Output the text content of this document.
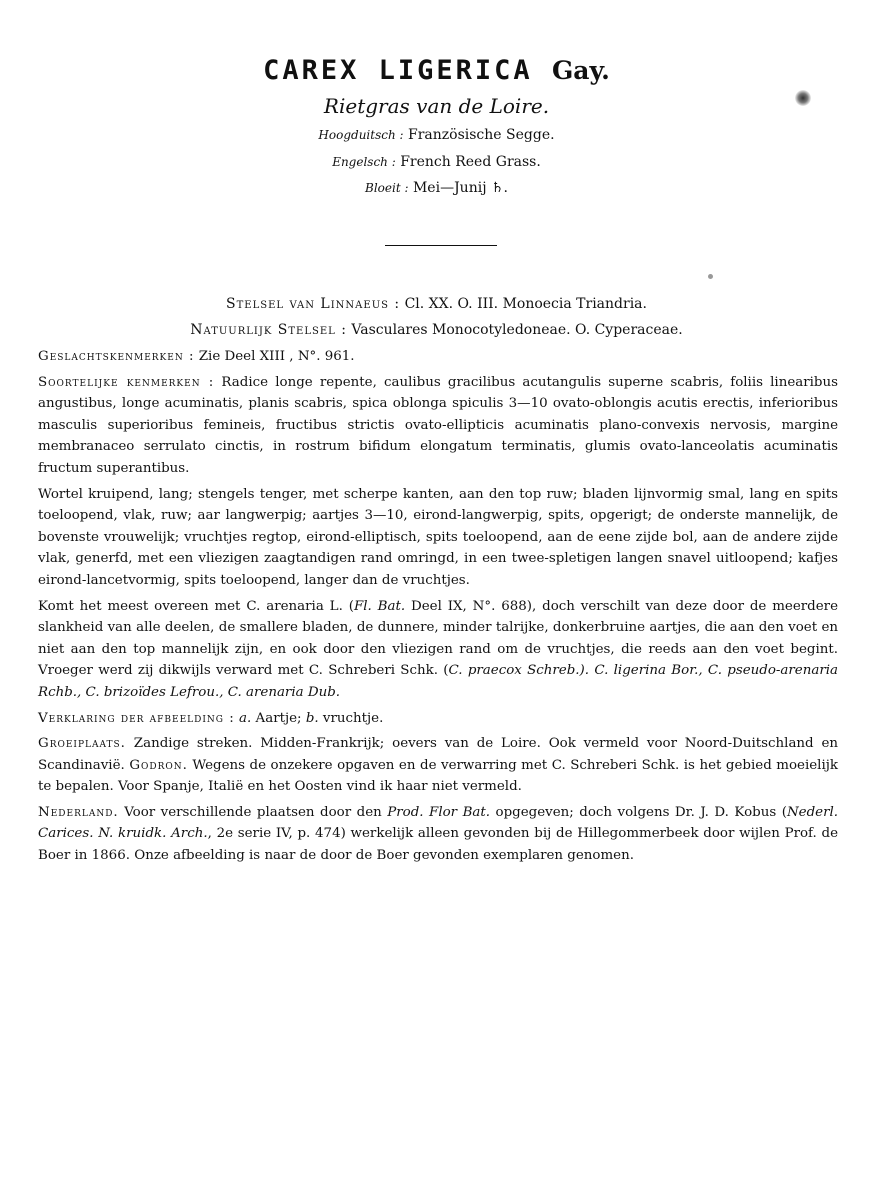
CAREX LIGERICA Gay.
Rietgras van de Loire.
Hoogduitsch : Französische Segge.
Engelsch : French Reed Grass.
Bloeit : Mei—Junij ♄.
Stelsel van Linnaeus : Cl. XX. O. III. Monoecia Triandria.
Natuurlijk Stelsel : Vasculares Monocotyledoneae. O. Cyperaceae.

Geslachtskenmerken : Zie Deel XIII , N°. 961.

Soortelijke kenmerken : Radice longe repente, caulibus gracilibus acutangulis superne scabris, foliis linearibus angustibus, longe acuminatis, planis scabris, spica oblonga spiculis 3—10 ovato-oblongis acutis erectis, inferioribus masculis superioribus femineis, fructibus strictis ovato-ellipticis acuminatis plano-convexis nervosis, margine membranaceo serrulato cinctis, in rostrum bifidum elongatum terminatis, glumis ovato-lanceolatis acuminatis fructum superantibus.

Wortel kruipend, lang; stengels tenger, met scherpe kanten, aan den top ruw; bladen lijnvormig smal, lang en spits toeloopend, vlak, ruw; aar langwerpig; aartjes 3—10, eirond-langwerpig, spits, opgerigt; de onderste mannelijk, de bovenste vrouwelijk; vruchtjes regtop, eirond-elliptisch, spits toeloopend, aan de eene zijde bol, aan de andere zijde vlak, generfd, met een vliezigen zaagtandigen rand omringd, in een twee-spletigen langen snavel uitloopend; kafjes eirond-lancetvormig, spits toeloopend, langer dan de vruchtjes.

Komt het meest overeen met C. arenaria L. (Fl. Bat. Deel IX, N°. 688), doch verschilt van deze door de meerdere slankheid van alle deelen, de smallere bladen, de dunnere, minder talrijke, donkerbruine aartjes, die aan den voet en niet aan den top mannelijk zijn, en ook door den vliezigen rand om de vruchtjes, die reeds aan den voet begint. Vroeger werd zij dikwijls verward met C. Schreberi Schk. (C. praecox Schreb.). C. ligerina Bor., C. pseudo-arenaria Rchb., C. brizoïdes Lefrou., C. arenaria Dub.

Verklaring der afbeelding : a. Aartje; b. vruchtje.

Groeiplaats. Zandige streken. Midden-Frankrijk; oevers van de Loire. Ook vermeld voor Noord-Duitschland en Scandinavië. Godron. Wegens de onzekere opgaven en de verwarring met C. Schreberi Schk. is het gebied moeielijk te bepalen. Voor Spanje, Italië en het Oosten vind ik haar niet vermeld.

Nederland. Voor verschillende plaatsen door den Prod. Flor Bat. opgegeven; doch volgens Dr. J. D. Kobus (Nederl. Carices. N. kruidk. Arch., 2e serie IV, p. 474) werkelijk alleen gevonden bij de Hillegommerbeek door wijlen Prof. de Boer in 1866. Onze afbeelding is naar de door de Boer gevonden exemplaren genomen.
